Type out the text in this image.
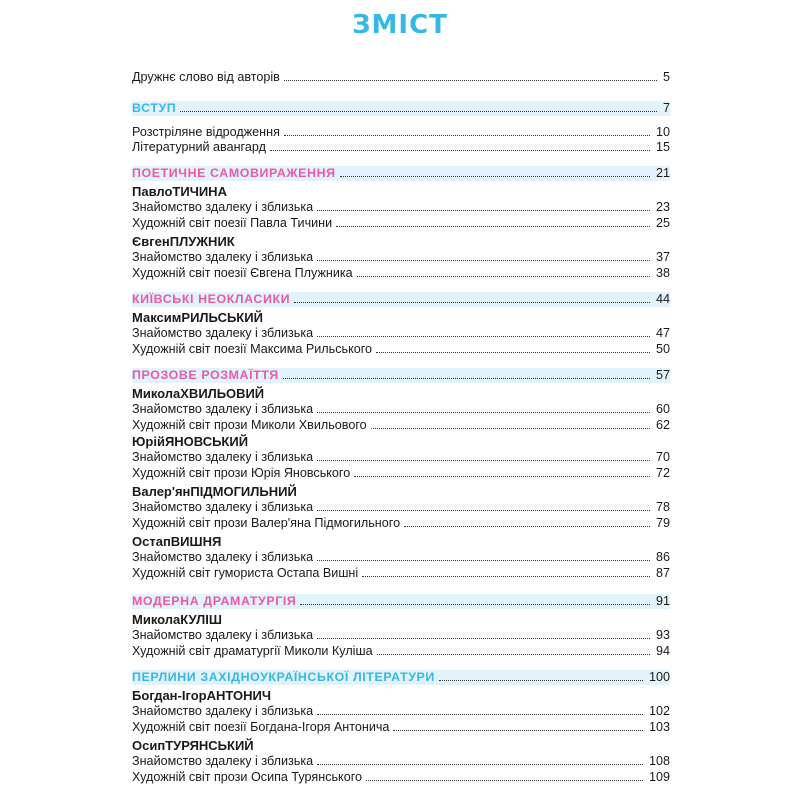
ЗМІСТ
Дружнє слово від авторів	5
ВСТУП	7
Розстріляне відродження	10
Літературний авангард	15
ПОЕТИЧНЕ САМОВИРАЖЕННЯ	21
Павло ТИЧИНА
Знайомство здалеку і зблизька	23
Художній світ поезії Павла Тичини	25
Євген ПЛУЖНИК
Знайомство здалеку і зблизька	37
Художній світ поезії Євгена Плужника	38
КИЇВСЬКІ НЕОКЛАСИКИ	44
Максим РИЛЬСЬКИЙ
Знайомство здалеку і зблизька	47
Художній світ поезії Максима Рильського	50
ПРОЗОВЕ РОЗМАЇТТЯ	57
Микола ХВИЛЬОВИЙ
Знайомство здалеку і зблизька	60
Художній світ прози Миколи Хвильового	62
Юрій ЯНОВСЬКИЙ
Знайомство здалеку і зблизька	70
Художній світ прози Юрія Яновського	72
Валер'ян ПІДМОГИЛЬНИЙ
Знайомство здалеку і зблизька	78
Художній світ прози Валер'яна Підмогильного	79
Остап ВИШНЯ
Знайомство здалеку і зблизька	86
Художній світ гумориста Остапа Вишні	87
МОДЕРНА ДРАМАТУРГІЯ	91
Микола КУЛІШ
Знайомство здалеку і зблизька	93
Художній світ драматургії Миколи Куліша	94
ПЕРЛИНИ ЗАХІДНОУКРАЇНСЬКОЇ ЛІТЕРАТУРИ	100
Богдан-Ігор АНТОНИЧ
Знайомство здалеку і зблизька	102
Художній світ поезії Богдана-Ігоря Антонича	103
Осип ТУРЯНСЬКИЙ
Знайомство здалеку і зблизька	108
Художній світ прози Осипа Турянського	109
